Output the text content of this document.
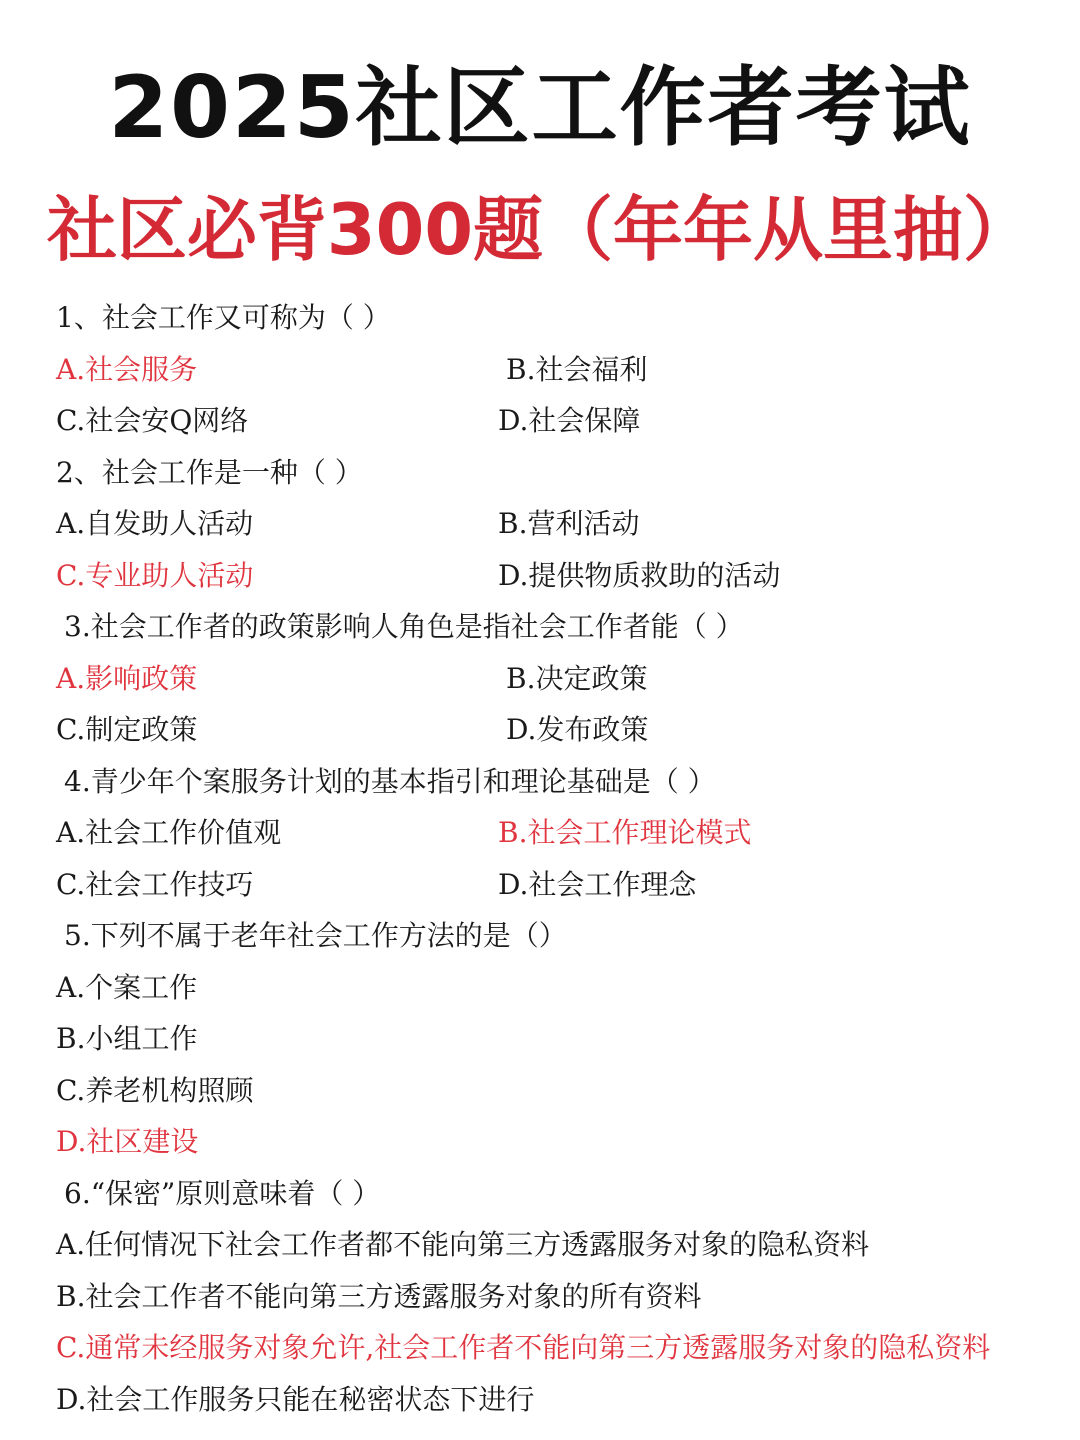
2025社区工作者考试
社区必背300题（年年从里抽）
1、社会工作又可称为（ ）
A.社会服务	B.社会福利
C.社会安Q网络	D.社会保障
2、社会工作是一种（ ）
A.自发助人活动	B.营利活动
C.专业助人活动	D.提供物质救助的活动
3.社会工作者的政策影响人角色是指社会工作者能（ ）
A.影响政策	B.决定政策
C.制定政策	D.发布政策
4.青少年个案服务计划的基本指引和理论基础是（ ）
A.社会工作价值观	B.社会工作理论模式
C.社会工作技巧	D.社会工作理念
5.下列不属于老年社会工作方法的是（）
A.个案工作
B.小组工作
C.养老机构照顾
D.社区建设
6.“保密”原则意味着（ ）
A.任何情况下社会工作者都不能向第三方透露服务对象的隐私资料
B.社会工作者不能向第三方透露服务对象的所有资料
C.通常未经服务对象允许,社会工作者不能向第三方透露服务对象的隐私资料
D.社会工作服务只能在秘密状态下进行
